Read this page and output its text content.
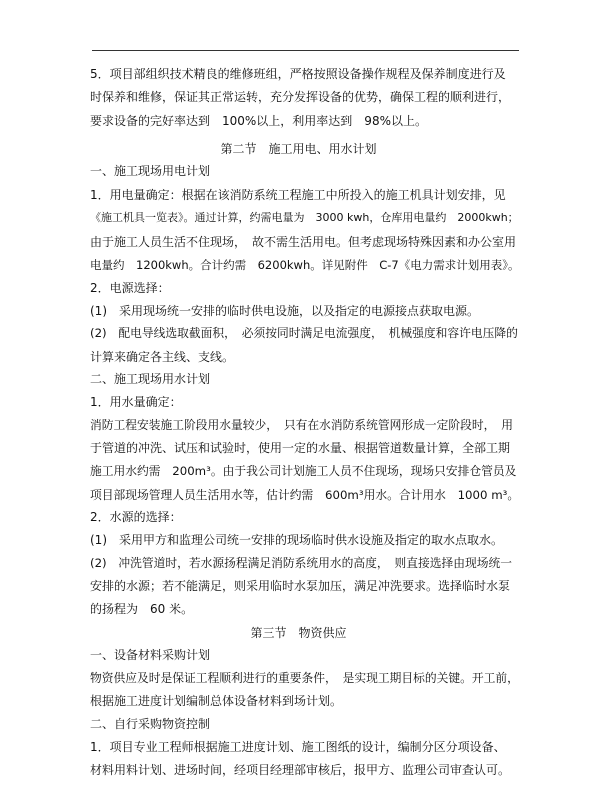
5．项目部组织技术精良的维修班组，严格按照设备操作规程及保养制度进行及
时保养和维修，保证其正常运转，充分发挥设备的优势，确保工程的顺利进行，
要求设备的完好率达到　100%以上，利用率达到　98%以上。
第二节　施工用电、用水计划
一、施工现场用电计划
1．用电量确定：根据在该消防系统工程施工中所投入的施工机具计划安排，见
《施工机具一览表》。通过计算，约需电量为　3000 kwh，仓库用电量约　2000kwh；
由于施工人员生活不住现场，　故不需生活用电。但考虑现场特殊因素和办公室用
电量约　1200kwh。合计约需　6200kwh。详见附件　C-7《电力需求计划用表》。
2．电源选择：
(1)　采用现场统一安排的临时供电设施，以及指定的电源接点获取电源。
(2)　配电导线选取截面积，　必须按同时满足电流强度，　机械强度和容许电压降的
计算来确定各主线、支线。
二、施工现场用水计划
1．用水量确定：
消防工程安装施工阶段用水量较少，　只有在水消防系统管网形成一定阶段时，　用
于管道的冲洗、试压和试验时，使用一定的水量、根据管道数量计算，全部工期
施工用水约需　200m³。由于我公司计划施工人员不住现场，现场只安排仓管员及
项目部现场管理人员生活用水等，估计约需　600m³用水。合计用水　1000 m³。
2．水源的选择：
(1)　采用甲方和监理公司统一安排的现场临时供水设施及指定的取水点取水。
(2)　冲洗管道时，若水源扬程满足消防系统用水的高度，　则直接选择由现场统一
安排的水源；若不能满足，则采用临时水泵加压，满足冲洗要求。选择临时水泵
的扬程为　60 米。
第三节　物资供应
一、设备材料采购计划
物资供应及时是保证工程顺利进行的重要条件，　是实现工期目标的关键。开工前，
根据施工进度计划编制总体设备材料到场计划。
二、自行采购物资控制
1．项目专业工程师根据施工进度计划、施工图纸的设计，编制分区分项设备、
材料用料计划、进场时间，经项目经理部审核后，报甲方、监理公司审查认可。
